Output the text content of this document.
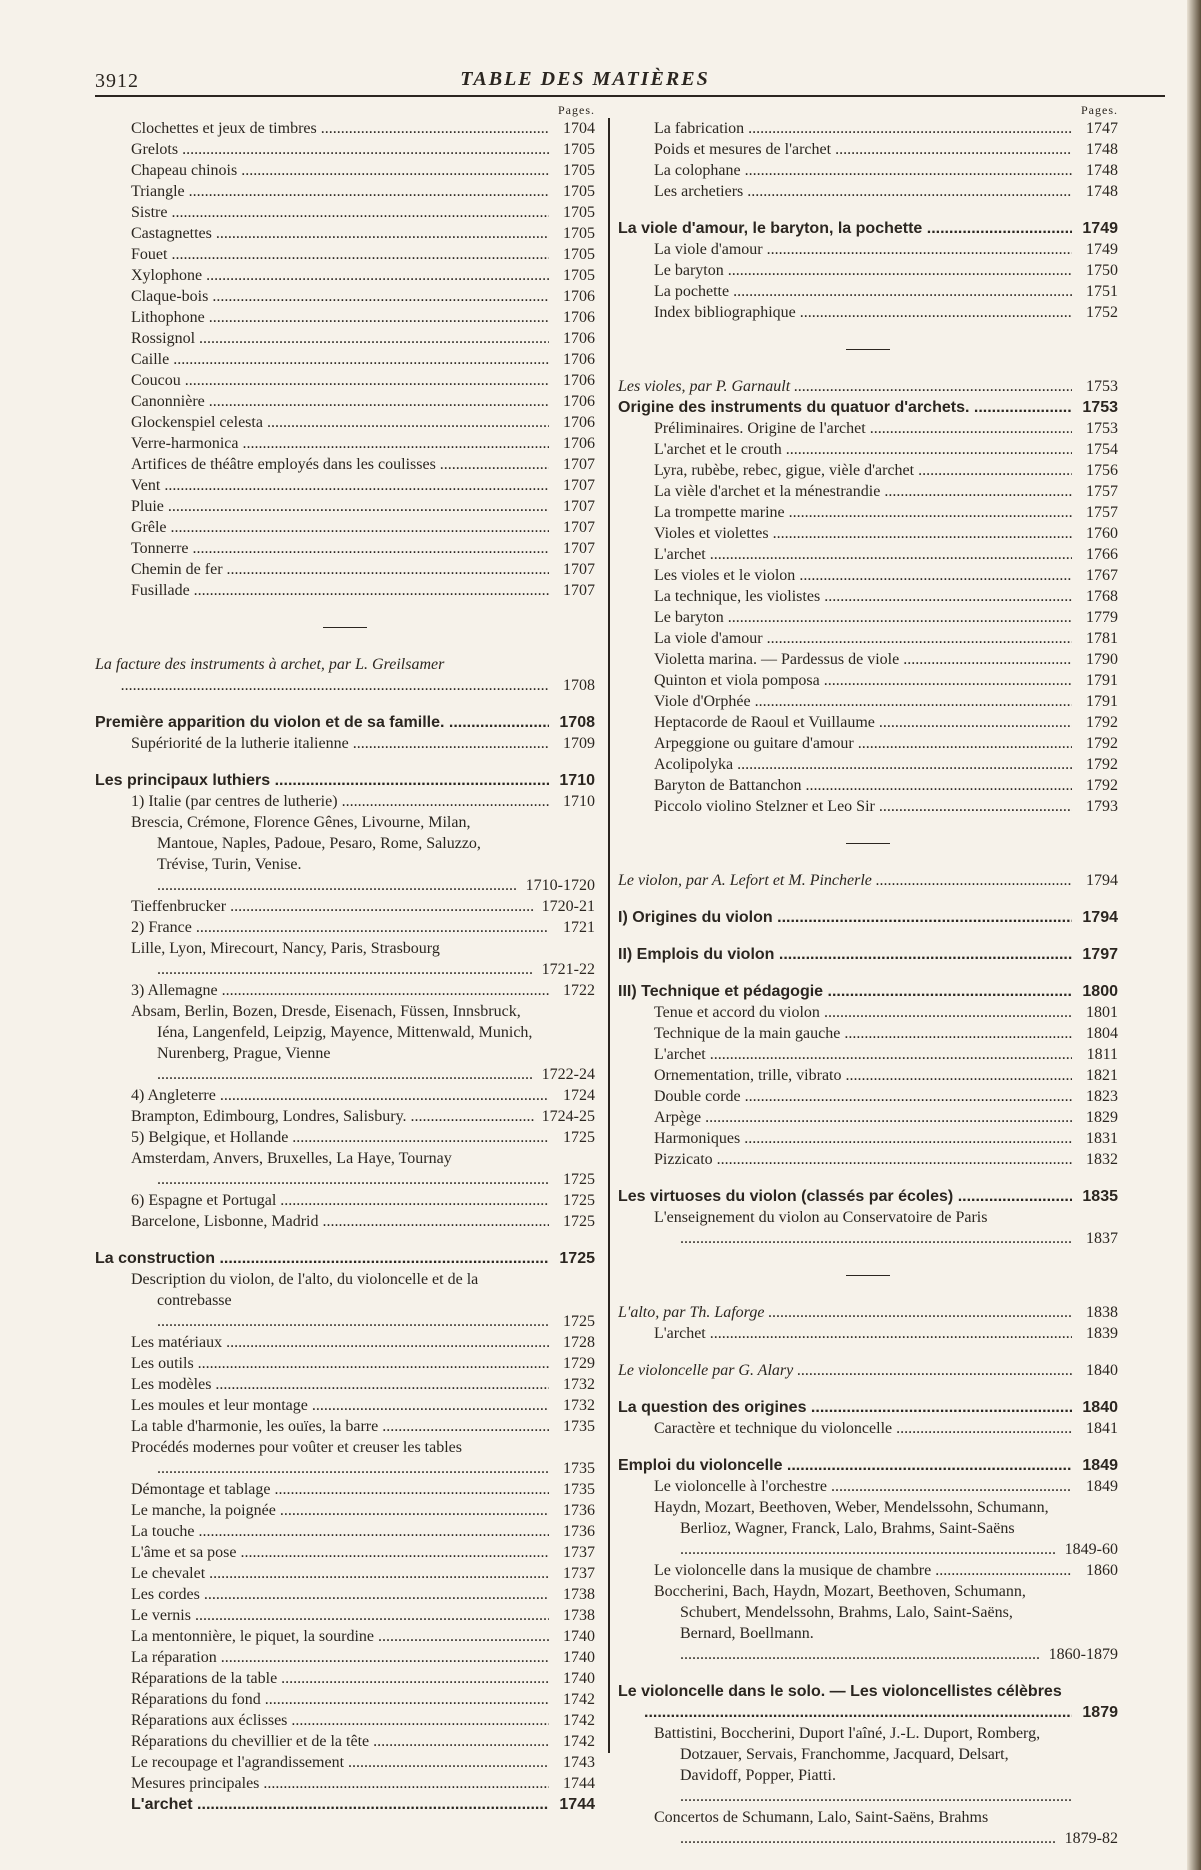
3912	TABLE DES MATIÈRES
Pages.
Clochettes et jeux de timbres .....	1704
Grelots .....	1705
Chapeau chinois .....	1705
Triangle .....	1705
Sistre .....	1705
Castagnettes .....	1705
Fouet .....	1705
Xylophone .....	1705
Claque-bois .....	1706
Lithophone .....	1706
Rossignol .....	1706
Caille .....	1706
Coucou .....	1706
Canonnière .....	1706
Glockenspiel celesta .....	1706
Verre-harmonica .....	1706
Artifices de théâtre employés dans les coulisses .....	1707
Vent .....	1707
Pluie .....	1707
Grêle .....	1707
Tonnerre .....	1707
Chemin de fer .....	1707
Fusillade .....	1707
La facture des instruments à archet, par L. Greilsamer .....
1708
Première apparition du violon et de sa famille. .....	1708
Supériorité de la lutherie italienne .....	1709
Les principaux luthiers .....	1710
1) Italie (par centres de lutherie) .....	1710
Brescia, Crémone, Florence Gênes, Livourne, Milan, Mantoue, Naples, Padoue, Pesaro, Rome, Saluzzo, Trévise, Turin, Venise. .....
1710-1720
Tieffenbrucker .....	1720-21
2) France .....	1721
Lille, Lyon, Mirecourt, Nancy, Paris, Strasbourg .....
1721-22
3) Allemagne .....	1722
Absam, Berlin, Bozen, Dresde, Eisenach, Füssen, Innsbruck, Iéna, Langenfeld, Leipzig, Mayence, Mittenwald, Munich, Nurenberg, Prague, Vienne .....
1722-24
4) Angleterre .....	1724
Brampton, Edimbourg, Londres, Salisbury. .....	1724-25
5) Belgique, et Hollande .....	1725
Amsterdam, Anvers, Bruxelles, La Haye, Tournay .....
1725
6) Espagne et Portugal .....	1725
Barcelone, Lisbonne, Madrid .....	1725
La construction .....	1725
Description du violon, de l'alto, du violoncelle et de la contrebasse .....
1725
Les matériaux .....	1728
Les outils .....	1729
Les modèles .....	1732
Les moules et leur montage .....	1732
La table d'harmonie, les ouïes, la barre .....	1735
Procédés modernes pour voûter et creuser les tables .....
1735
Démontage et tablage .....	1735
Le manche, la poignée .....	1736
La touche .....	1736
L'âme et sa pose .....	1737
Le chevalet .....	1737
Les cordes .....	1738
Le vernis .....	1738
La mentonnière, le piquet, la sourdine .....	1740
La réparation .....	1740
Réparations de la table .....	1740
Réparations du fond .....	1742
Réparations aux éclisses .....	1742
Réparations du chevillier et de la tête .....	1742
Le recoupage et l'agrandissement .....	1743
Mesures principales .....	1744
L'archet .....	1744
Pages.
La fabrication .....	1747
Poids et mesures de l'archet .....	1748
La colophane .....	1748
Les archetiers .....	1748
La viole d'amour, le baryton, la pochette .....	1749
La viole d'amour .....	1749
Le baryton .....	1750
La pochette .....	1751
Index bibliographique .....	1752
Les violes, par P. Garnault .....	1753
Origine des instruments du quatuor d'archets. .....	1753
Préliminaires. Origine de l'archet .....	1753
L'archet et le crouth .....	1754
Lyra, rubèbe, rebec, gigue, vièle d'archet .....	1756
La vièle d'archet et la ménestrandie .....	1757
La trompette marine .....	1757
Violes et violettes .....	1760
L'archet .....	1766
Les violes et le violon .....	1767
La technique, les violistes .....	1768
Le baryton .....	1779
La viole d'amour .....	1781
Violetta marina. — Pardessus de viole .....	1790
Quinton et viola pomposa .....	1791
Viole d'Orphée .....	1791
Heptacorde de Raoul et Vuillaume .....	1792
Arpeggione ou guitare d'amour .....	1792
Acolipolyka .....	1792
Baryton de Battanchon .....	1792
Piccolo violino Stelzner et Leo Sir .....	1793
Le violon, par A. Lefort et M. Pincherle .....	1794
I) Origines du violon .....	1794
II) Emplois du violon .....	1797
III) Technique et pédagogie .....	1800
Tenue et accord du violon .....	1801
Technique de la main gauche .....	1804
L'archet .....	1811
Ornementation, trille, vibrato .....	1821
Double corde .....	1823
Arpège .....	1829
Harmoniques .....	1831
Pizzicato .....	1832
Les virtuoses du violon (classés par écoles) .....	1835
L'enseignement du violon au Conservatoire de Paris .....
1837
L'alto, par Th. Laforge .....	1838
L'archet .....	1839
Le violoncelle par G. Alary .....	1840
La question des origines .....	1840
Caractère et technique du violoncelle .....	1841
Emploi du violoncelle .....	1849
Le violoncelle à l'orchestre .....	1849
Haydn, Mozart, Beethoven, Weber, Mendelssohn, Schumann, Berlioz, Wagner, Franck, Lalo, Brahms, Saint-Saëns .....
1849-60
Le violoncelle dans la musique de chambre .....	1860
Boccherini, Bach, Haydn, Mozart, Beethoven, Schumann, Schubert, Mendelssohn, Brahms, Lalo, Saint-Saëns, Bernard, Boellmann. .....
1860-1879
Le violoncelle dans le solo. — Les violoncellistes célèbres .....
1879
Battistini, Boccherini, Duport l'aîné, J.-L. Duport, Romberg, Dotzauer, Servais, Franchomme, Jacquard, Delsart, Davidoff, Popper, Piatti. .....
Concertos de Schumann, Lalo, Saint-Saëns, Brahms .....
1879-82
